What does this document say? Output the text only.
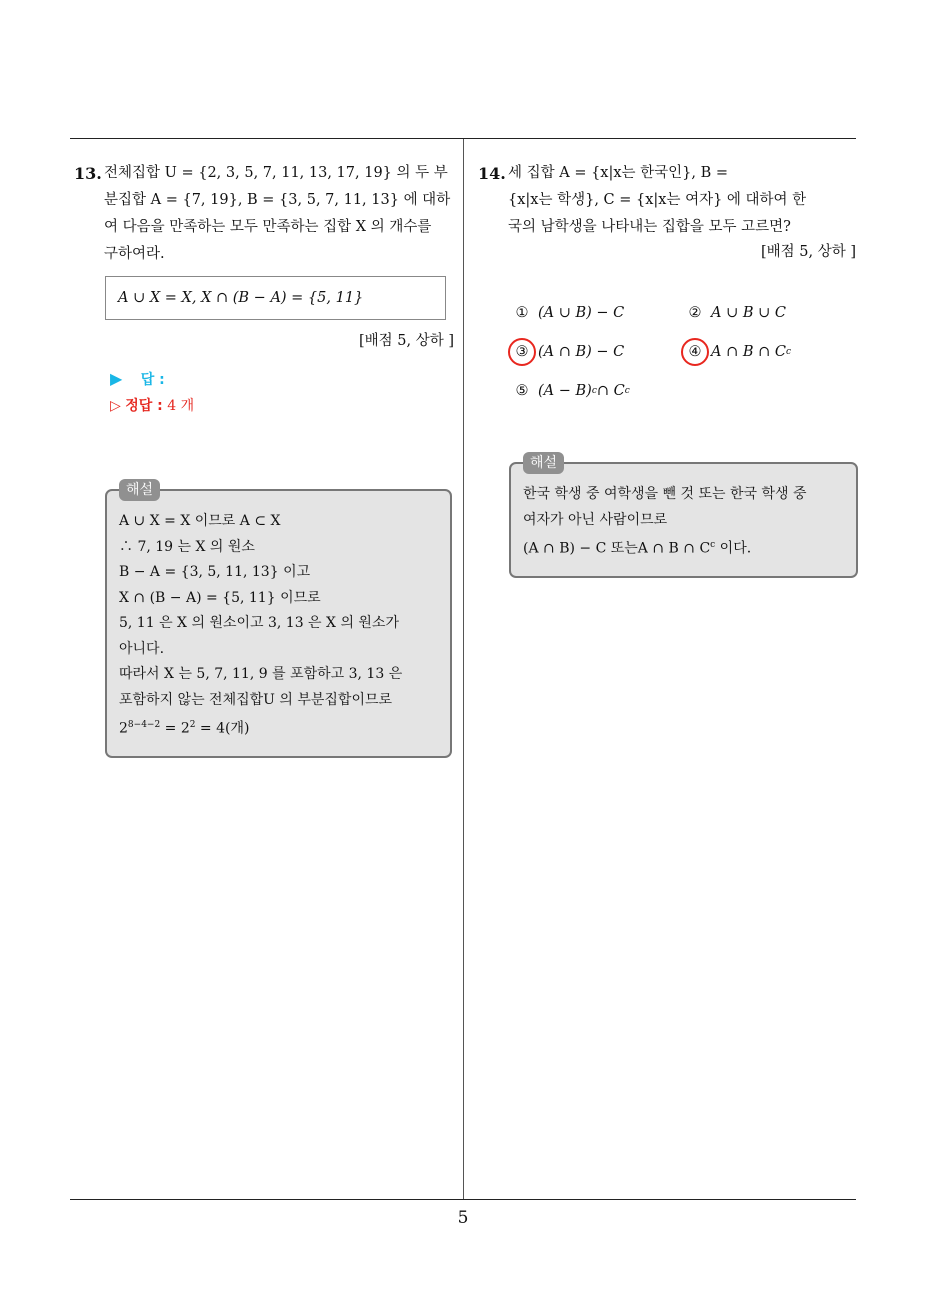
5
13. 전체집합 U = {2, 3, 5, 7, 11, 13, 17, 19} 의 두 부
분집합 A = {7, 19}, B = {3, 5, 7, 11, 13} 에 대하
여 다음을 만족하는 모두 만족하는 집합 X 의 개수를
구하여라.
A ∪ X = X, X ∩ (B − A) = {5, 11}
[배점 5, 상하 ]
▶ 답 :
▷ 정답 : 4 개
해설
A ∪ X = X 이므로 A ⊂ X
∴ 7, 19 는 X 의 원소
B − A = {3, 5, 11, 13} 이고
X ∩ (B − A) = {5, 11} 이므로
5, 11 은 X 의 원소이고 3, 13 은 X 의 원소가
아니다.
따라서 X 는 5, 7, 11, 9 를 포함하고 3, 13 은
포함하지 않는 전체집합U 의 부분집합이므로
$2^{8-4-2} = 2^2 = 4$(개)
14. 세 집합 A = {x|x는 한국인}, B =
{x|x는 학생}, C = {x|x는 여자} 에 대하여 한
국의 남학생을 나타내는 집합을 모두 고르면?
[배점 5, 상하 ]
① (A ∪ B) − C	② A ∪ B ∪ C
③ (A ∩ B) − C	④ A ∩ B ∩ C c
⑤ (A − B) c ∩ C c
해설
한국 학생 중 여학생을 뺀 것 또는 한국 학생 중
여자가 아닌 사람이므로
(A ∩ B) − C 또는A ∩ B ∩ $C^c$ 이다.
